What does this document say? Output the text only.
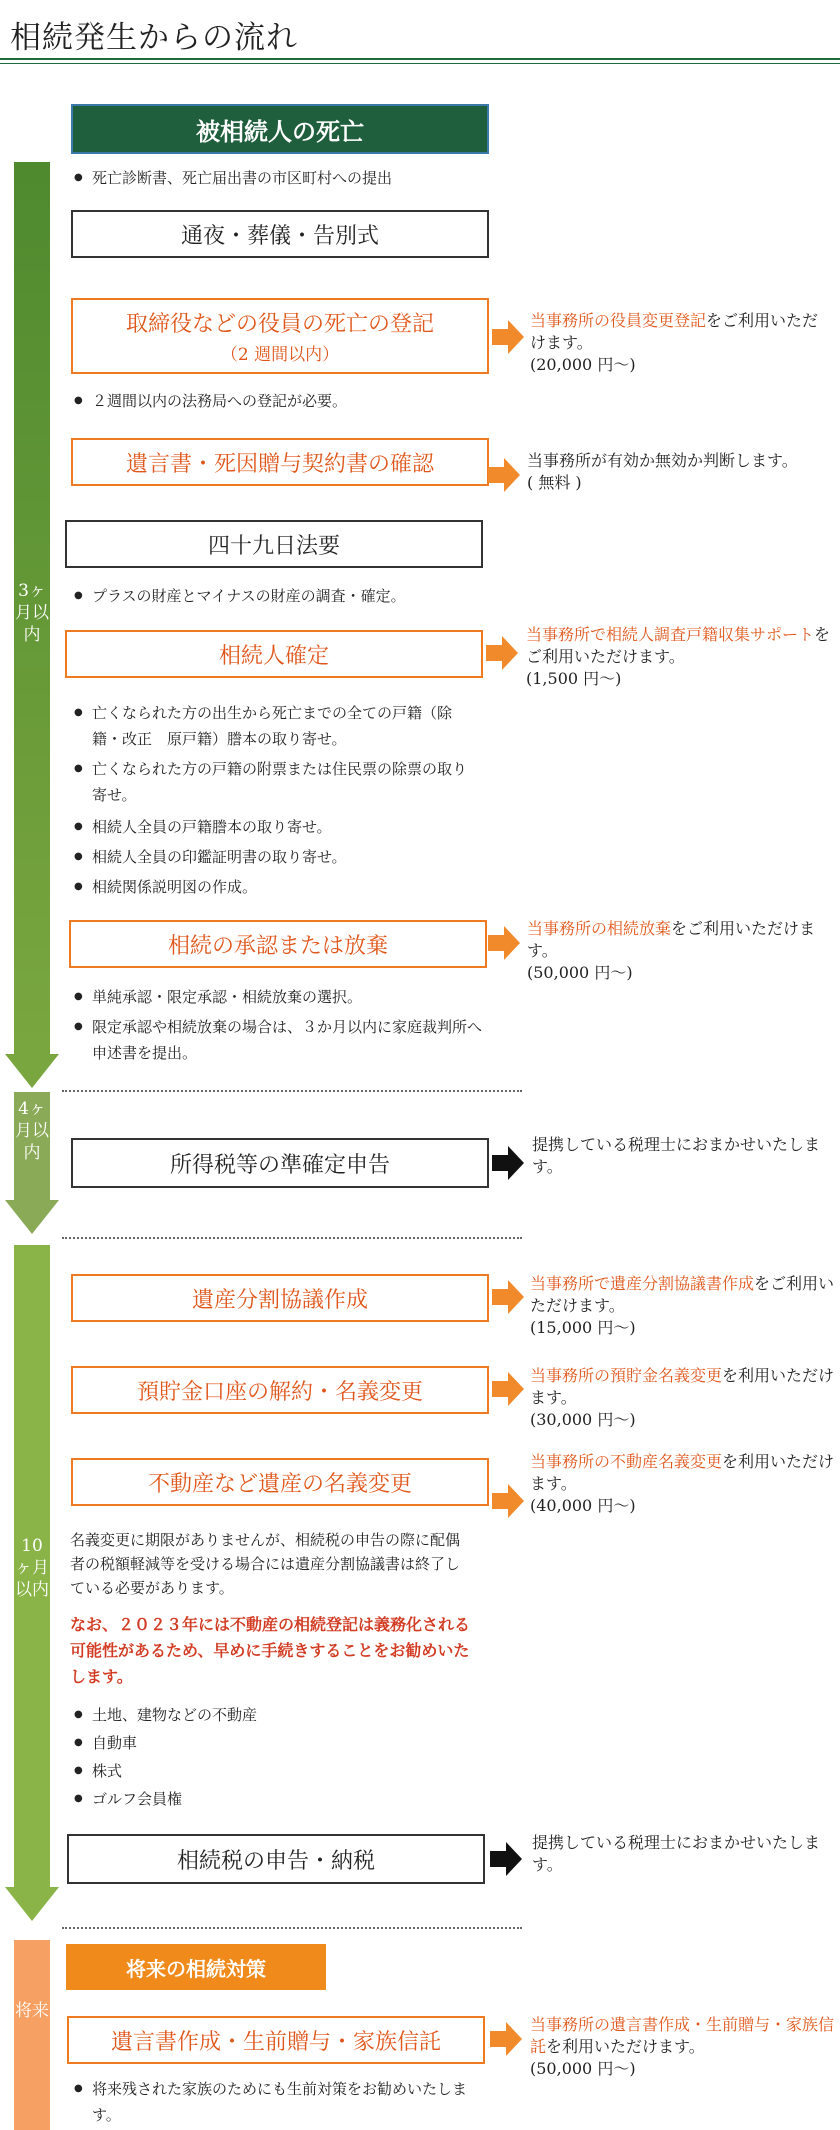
相続発生からの流れ
3ヶ月以内
4ヶ月以内
10ヶ月以内
将来
被相続人の死亡
● 死亡診断書、死亡届出書の市区町村への提出
通夜・葬儀・告別式
取締役などの役員の死亡の登記
（2 週間以内）
当事務所の役員変更登記をご利用いただけます。
(20,000 円～)
● ２週間以内の法務局への登記が必要。
遺言書・死因贈与契約書の確認	当事務所が有効か無効か判断します。
( 無料 )
四十九日法要
● プラスの財産とマイナスの財産の調査・確定。
相続人確定
当事務所で相続人調査戸籍収集サポートをご利用いただけます。
(1,500 円～)
● 亡くなられた方の出生から死亡までの全ての戸籍（除籍・改正　原戸籍）謄本の取り寄せ。
● 亡くなられた方の戸籍の附票または住民票の除票の取り寄せ。
● 相続人全員の戸籍謄本の取り寄せ。
● 相続人全員の印鑑証明書の取り寄せ。
● 相続関係説明図の作成。
相続の承認または放棄
当事務所の相続放棄をご利用いただけます。
(50,000 円～)
● 単純承認・限定承認・相続放棄の選択。
● 限定承認や相続放棄の場合は、３か月以内に家庭裁判所へ申述書を提出。
所得税等の準確定申告
提携している税理士におまかせいたします。
遺産分割協議作成
当事務所で遺産分割協議書作成をご利用いただけます。
(15,000 円～)
預貯金口座の解約・名義変更
当事務所の預貯金名義変更を利用いただけます。
(30,000 円～)
不動産など遺産の名義変更
当事務所の不動産名義変更を利用いただけます。
(40,000 円～)
名義変更に期限がありませんが、相続税の申告の際に配偶者の税額軽減等を受ける場合には遺産分割協議書は終了している必要があります。
なお、２０２３年には不動産の相続登記は義務化される可能性があるため、早めに手続きすることをお勧めいたします。
● 土地、建物などの不動産
● 自動車
● 株式
● ゴルフ会員権
相続税の申告・納税
提携している税理士におまかせいたします。
将来の相続対策
遺言書作成・生前贈与・家族信託
当事務所の遺言書作成・生前贈与・家族信託を利用いただけます。
(50,000 円～)
● 将来残された家族のためにも生前対策をお勧めいたします。
